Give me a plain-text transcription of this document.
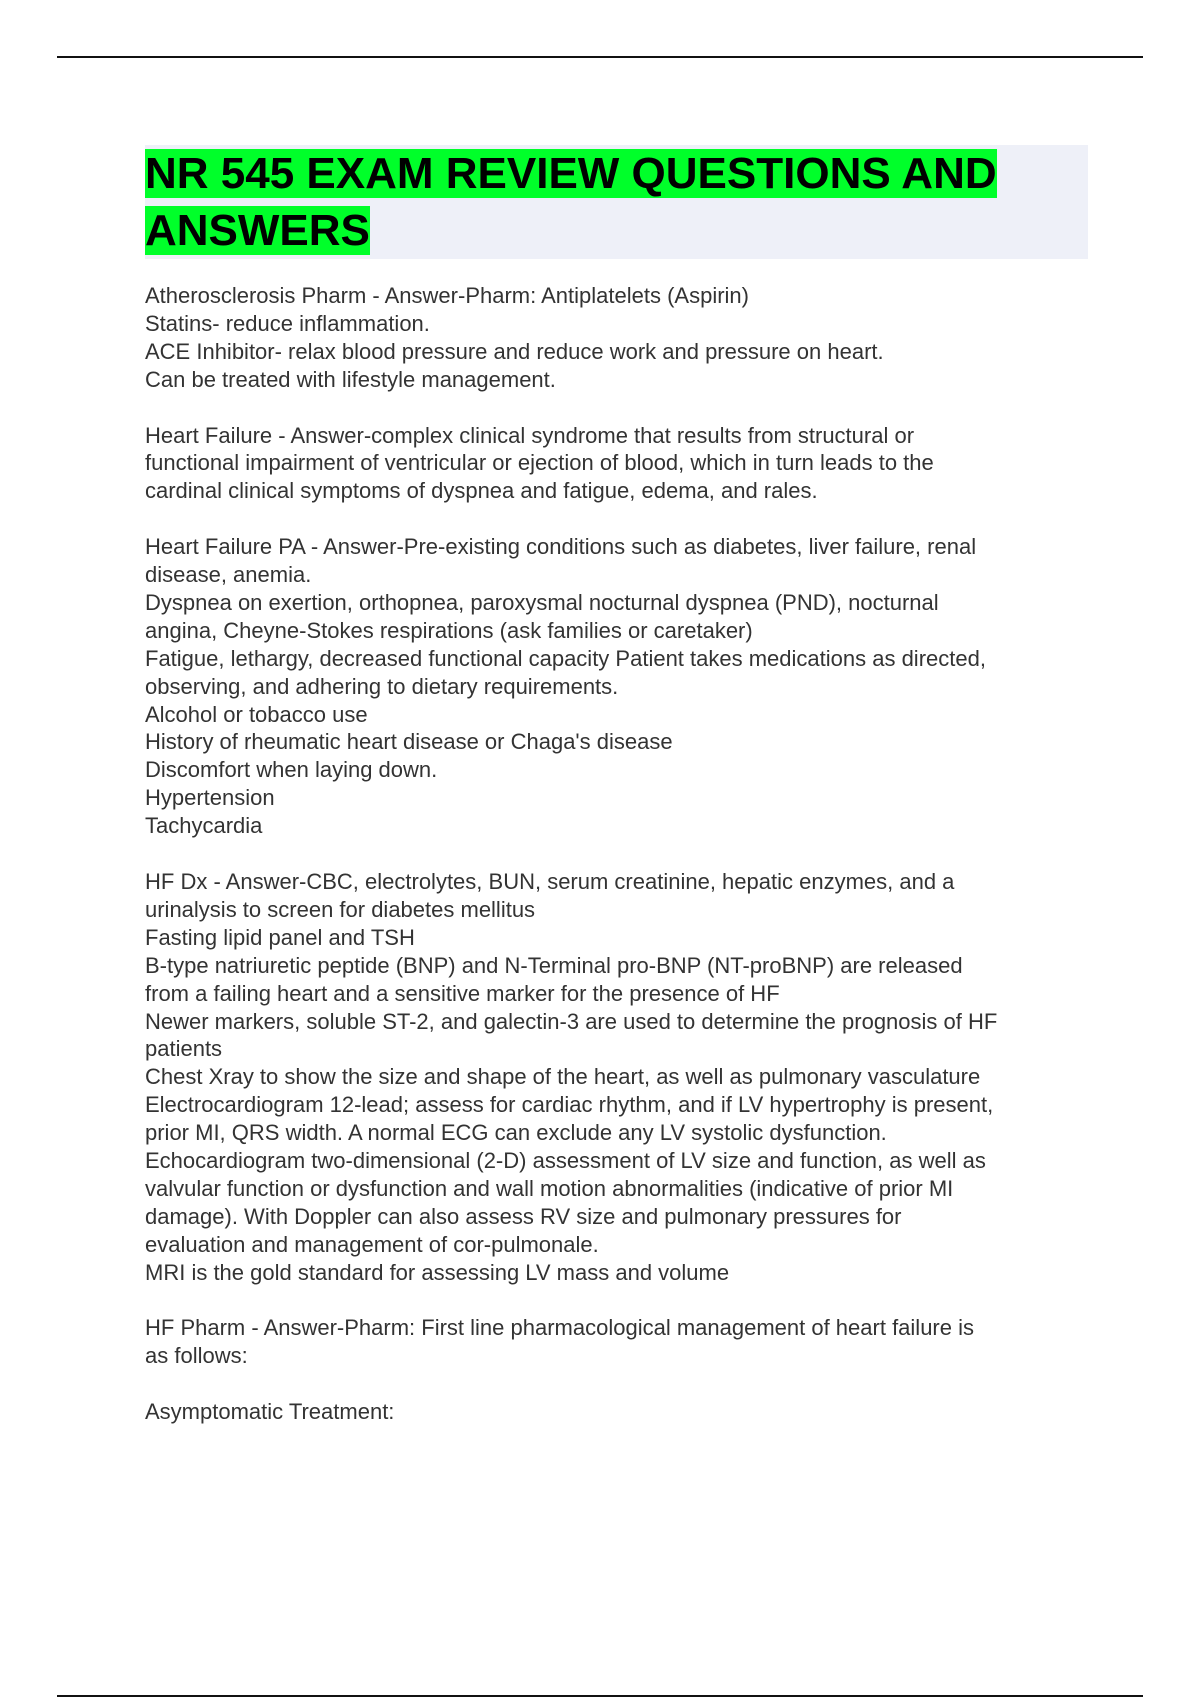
NR 545 EXAM REVIEW QUESTIONS AND ANSWERS

Atherosclerosis Pharm - Answer-Pharm: Antiplatelets (Aspirin)

Statins- reduce inflammation.

ACE Inhibitor- relax blood pressure and reduce work and pressure on heart.

Can be treated with lifestyle management.

Heart Failure - Answer-complex clinical syndrome that results from structural or

functional impairment of ventricular or ejection of blood, which in turn leads to the

cardinal clinical symptoms of dyspnea and fatigue, edema, and rales.

Heart Failure PA - Answer-Pre-existing conditions such as diabetes, liver failure, renal

disease, anemia.

Dyspnea on exertion, orthopnea, paroxysmal nocturnal dyspnea (PND), nocturnal

angina, Cheyne-Stokes respirations (ask families or caretaker)

Fatigue, lethargy, decreased functional capacity Patient takes medications as directed,

observing, and adhering to dietary requirements.

Alcohol or tobacco use

History of rheumatic heart disease or Chaga's disease

Discomfort when laying down.

Hypertension

Tachycardia

HF Dx - Answer-CBC, electrolytes, BUN, serum creatinine, hepatic enzymes, and a

urinalysis to screen for diabetes mellitus

Fasting lipid panel and TSH

B-type natriuretic peptide (BNP) and N-Terminal pro-BNP (NT-proBNP) are released

from a failing heart and a sensitive marker for the presence of HF

Newer markers, soluble ST-2, and galectin-3 are used to determine the prognosis of HF

patients

Chest Xray to show the size and shape of the heart, as well as pulmonary vasculature

Electrocardiogram 12-lead; assess for cardiac rhythm, and if LV hypertrophy is present,

prior MI, QRS width. A normal ECG can exclude any LV systolic dysfunction.

Echocardiogram two-dimensional (2-D) assessment of LV size and function, as well as

valvular function or dysfunction and wall motion abnormalities (indicative of prior MI

damage). With Doppler can also assess RV size and pulmonary pressures for

evaluation and management of cor-pulmonale.

MRI is the gold standard for assessing LV mass and volume

HF Pharm - Answer-Pharm: First line pharmacological management of heart failure is

as follows:

Asymptomatic Treatment:
